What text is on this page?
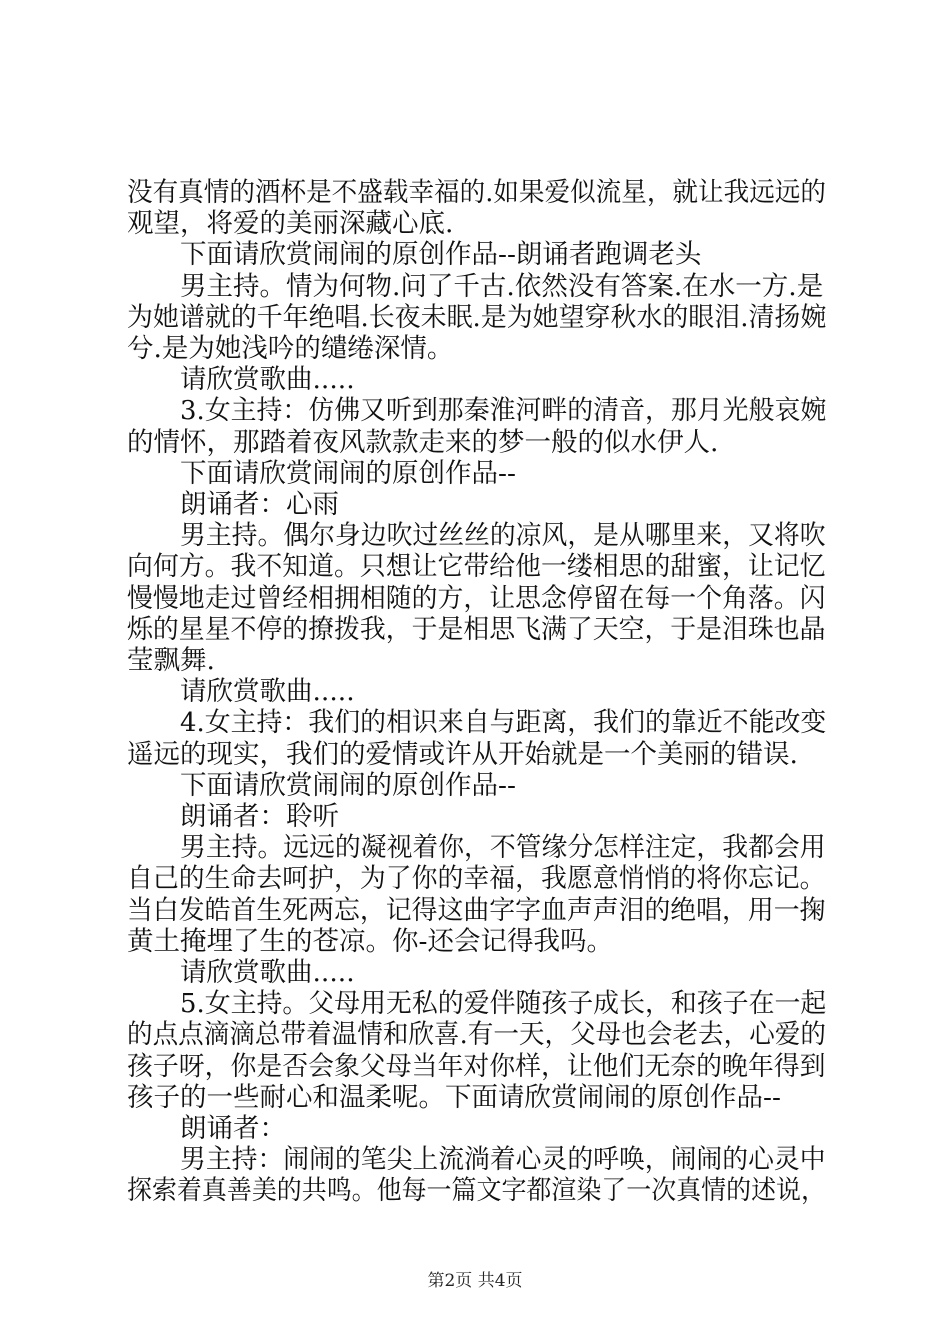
没有真情的酒杯是不盛载幸福的.如果爱似流星，就让我远远的
观望，将爱的美丽深藏心底.
下面请欣赏闹闹的原创作品--朗诵者跑调老头
男主持。情为何物.问了千古.依然没有答案.在水一方.是
为她谱就的千年绝唱.长夜未眠.是为她望穿秋水的眼泪.清扬婉
兮.是为她浅吟的缱绻深情。
请欣赏歌曲.....
3.女主持：仿佛又听到那秦淮河畔的清音，那月光般哀婉
的情怀，那踏着夜风款款走来的梦一般的似水伊人.
下面请欣赏闹闹的原创作品--
朗诵者：心雨
男主持。偶尔身边吹过丝丝的凉风，是从哪里来，又将吹
向何方。我不知道。只想让它带给他一缕相思的甜蜜，让记忆
慢慢地走过曾经相拥相随的方，让思念停留在每一个角落。闪
烁的星星不停的撩拨我，于是相思飞满了天空，于是泪珠也晶
莹飘舞.
请欣赏歌曲.....
4.女主持：我们的相识来自与距离，我们的靠近不能改变
遥远的现实，我们的爱情或许从开始就是一个美丽的错误.
下面请欣赏闹闹的原创作品--
朗诵者：聆听
男主持。远远的凝视着你，不管缘分怎样注定，我都会用
自己的生命去呵护，为了你的幸福，我愿意悄悄的将你忘记。
当白发皓首生死两忘，记得这曲字字血声声泪的绝唱，用一掬
黄土掩埋了生的苍凉。你-还会记得我吗。
请欣赏歌曲.....
5.女主持。父母用无私的爱伴随孩子成长，和孩子在一起
的点点滴滴总带着温情和欣喜.有一天，父母也会老去，心爱的
孩子呀，你是否会象父母当年对你样，让他们无奈的晚年得到
孩子的一些耐心和温柔呢。下面请欣赏闹闹的原创作品--
朗诵者：
男主持：闹闹的笔尖上流淌着心灵的呼唤，闹闹的心灵中
探索着真善美的共鸣。他每一篇文字都渲染了一次真情的述说，
第2页 共4页
